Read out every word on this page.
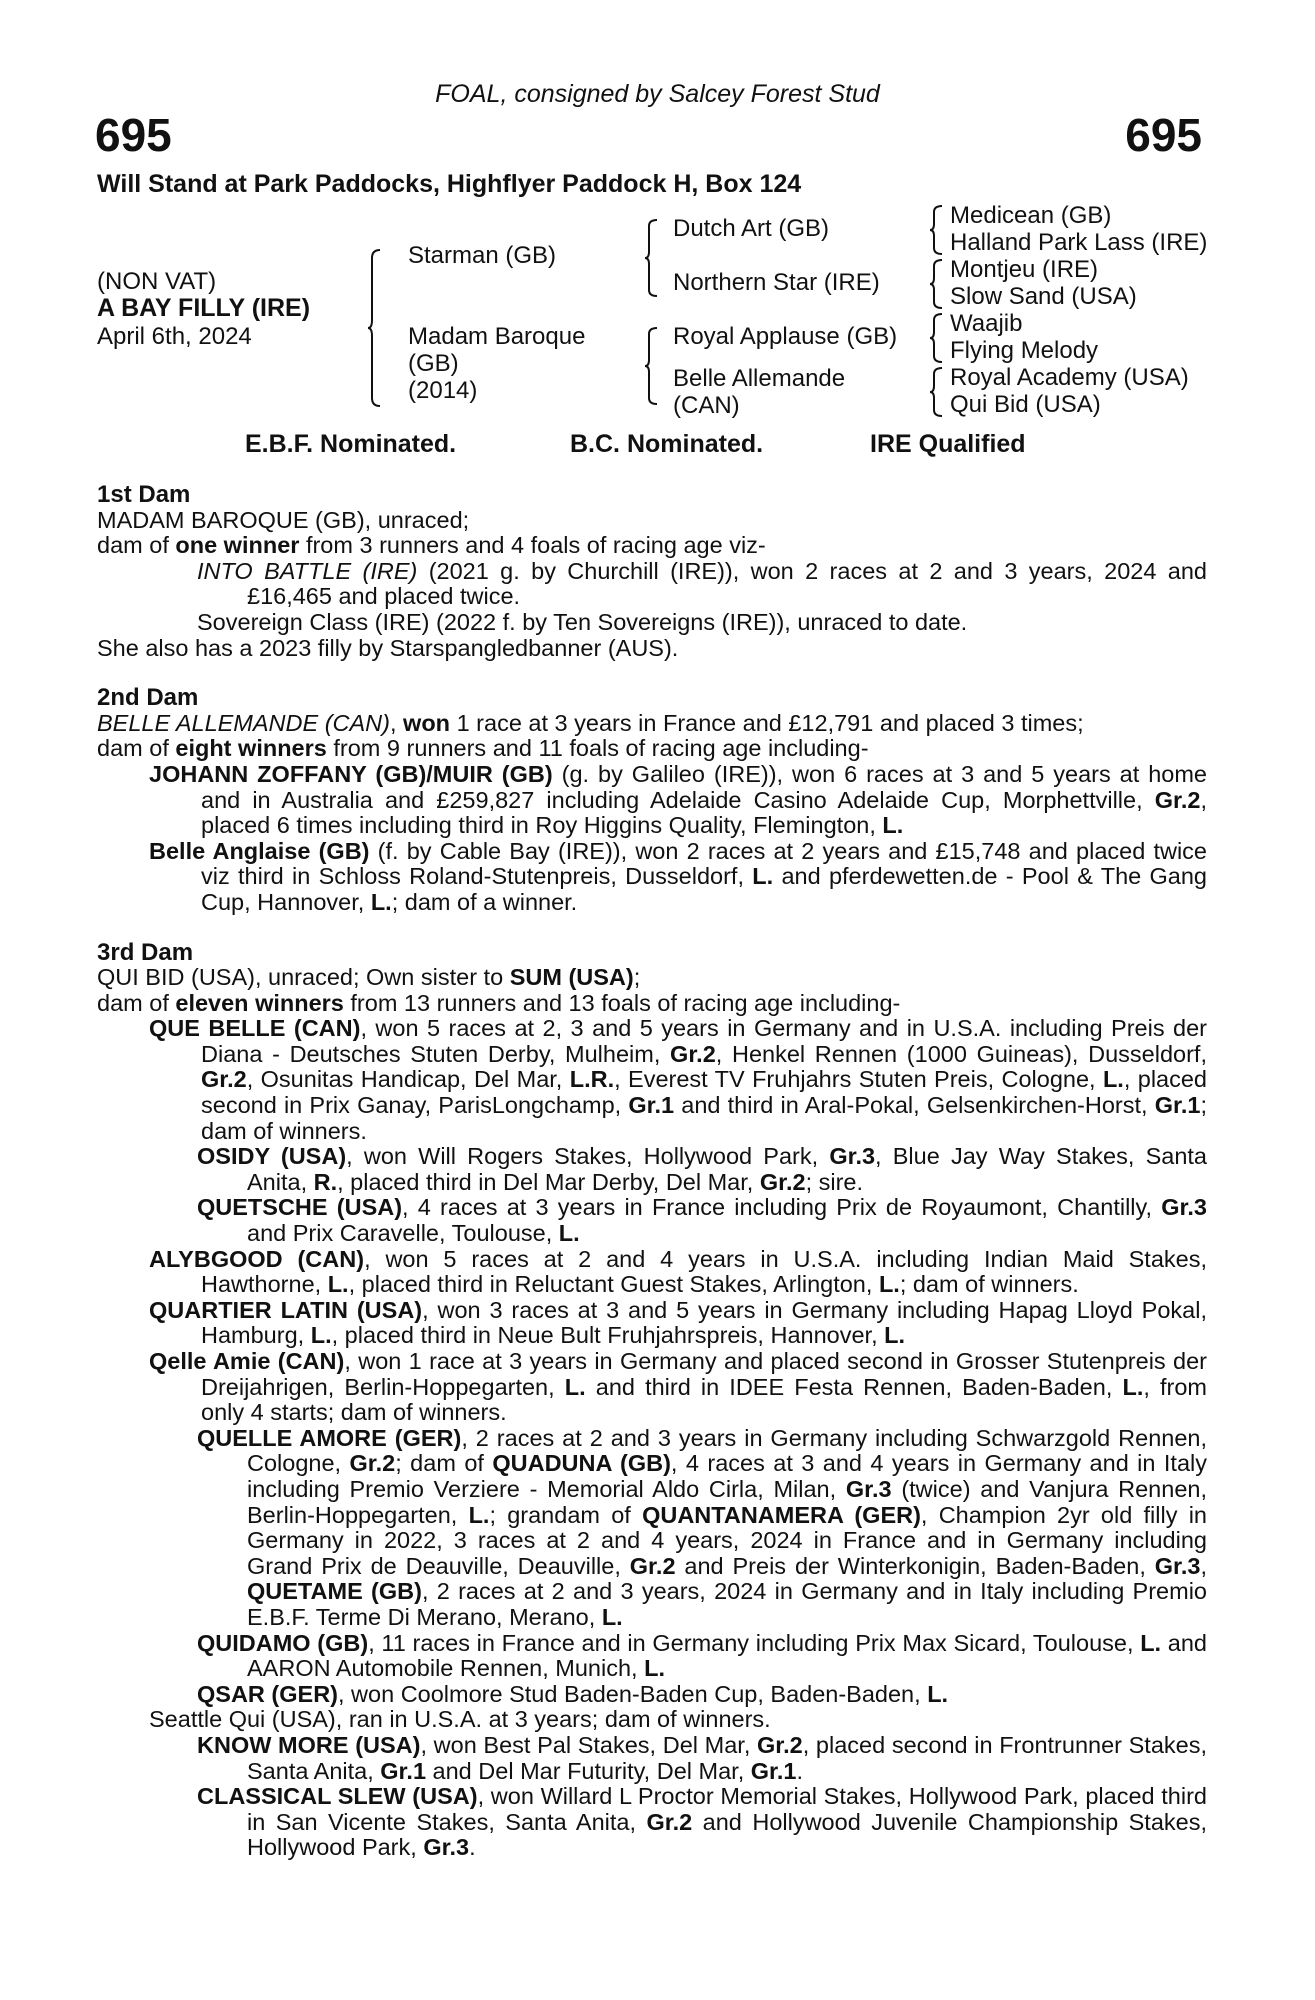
FOAL, consigned by Salcey Forest Stud
695	695
Will Stand at Park Paddocks, Highflyer Paddock H, Box 124
(NON VAT)
A BAY FILLY (IRE)
April 6th, 2024
Starman (GB)
Madam Baroque
(GB)
(2014)
Dutch Art (GB)
Northern Star (IRE)
Royal Applause (GB)
Belle Allemande
(CAN)
Medicean (GB)
Halland Park Lass (IRE)
Montjeu (IRE)
Slow Sand (USA)
Waajib
Flying Melody
Royal Academy (USA)
Qui Bid (USA)
E.B.F. Nominated.	B.C. Nominated.	IRE Qualified
1st Dam

MADAM BAROQUE (GB), unraced;

dam of one winner from 3 runners and 4 foals of racing age viz-

INTO BATTLE (IRE) (2021 g. by Churchill (IRE)), won 2 races at 2 and 3 years, 2024 and £16,465 and placed twice.

Sovereign Class (IRE) (2022 f. by Ten Sovereigns (IRE)), unraced to date.

She also has a 2023 filly by Starspangledbanner (AUS).

2nd Dam

BELLE ALLEMANDE (CAN), won 1 race at 3 years in France and £12,791 and placed 3 times;

dam of eight winners from 9 runners and 11 foals of racing age including-

JOHANN ZOFFANY (GB)/MUIR (GB) (g. by Galileo (IRE)), won 6 races at 3 and 5 years at home and in Australia and £259,827 including Adelaide Casino Adelaide Cup, Morphettville, Gr.2, placed 6 times including third in Roy Higgins Quality, Flemington, L.

Belle Anglaise (GB) (f. by Cable Bay (IRE)), won 2 races at 2 years and £15,748 and placed twice viz third in Schloss Roland-Stutenpreis, Dusseldorf, L. and pferdewetten.de - Pool & The Gang Cup, Hannover, L.; dam of a winner.

3rd Dam

QUI BID (USA), unraced; Own sister to SUM (USA);

dam of eleven winners from 13 runners and 13 foals of racing age including-

QUE BELLE (CAN), won 5 races at 2, 3 and 5 years in Germany and in U.S.A. including Preis der Diana - Deutsches Stuten Derby, Mulheim, Gr.2, Henkel Rennen (1000 Guineas), Dusseldorf, Gr.2, Osunitas Handicap, Del Mar, L.R., Everest TV Fruhjahrs Stuten Preis, Cologne, L., placed second in Prix Ganay, ParisLongchamp, Gr.1 and third in Aral-Pokal, Gelsenkirchen-Horst, Gr.1; dam of winners.

OSIDY (USA), won Will Rogers Stakes, Hollywood Park, Gr.3, Blue Jay Way Stakes, Santa Anita, R., placed third in Del Mar Derby, Del Mar, Gr.2; sire.

QUETSCHE (USA), 4 races at 3 years in France including Prix de Royaumont, Chantilly, Gr.3 and Prix Caravelle, Toulouse, L.

ALYBGOOD (CAN), won 5 races at 2 and 4 years in U.S.A. including Indian Maid Stakes, Hawthorne, L., placed third in Reluctant Guest Stakes, Arlington, L.; dam of winners.

QUARTIER LATIN (USA), won 3 races at 3 and 5 years in Germany including Hapag Lloyd Pokal, Hamburg, L., placed third in Neue Bult Fruhjahrspreis, Hannover, L.

Qelle Amie (CAN), won 1 race at 3 years in Germany and placed second in Grosser Stutenpreis der Dreijahrigen, Berlin-Hoppegarten, L. and third in IDEE Festa Rennen, Baden-Baden, L., from only 4 starts; dam of winners.

QUELLE AMORE (GER), 2 races at 2 and 3 years in Germany including Schwarzgold Rennen, Cologne, Gr.2; dam of QUADUNA (GB), 4 races at 3 and 4 years in Germany and in Italy including Premio Verziere - Memorial Aldo Cirla, Milan, Gr.3 (twice) and Vanjura Rennen, Berlin-Hoppegarten, L.; grandam of QUANTANAMERA (GER), Champion 2yr old filly in Germany in 2022, 3 races at 2 and 4 years, 2024 in France and in Germany including Grand Prix de Deauville, Deauville, Gr.2 and Preis der Winterkonigin, Baden-Baden, Gr.3, QUETAME (GB), 2 races at 2 and 3 years, 2024 in Germany and in Italy including Premio E.B.F. Terme Di Merano, Merano, L.

QUIDAMO (GB), 11 races in France and in Germany including Prix Max Sicard, Toulouse, L. and AARON Automobile Rennen, Munich, L.

QSAR (GER), won Coolmore Stud Baden-Baden Cup, Baden-Baden, L.

Seattle Qui (USA), ran in U.S.A. at 3 years; dam of winners.

KNOW MORE (USA), won Best Pal Stakes, Del Mar, Gr.2, placed second in Frontrunner Stakes, Santa Anita, Gr.1 and Del Mar Futurity, Del Mar, Gr.1.

CLASSICAL SLEW (USA), won Willard L Proctor Memorial Stakes, Hollywood Park, placed third in San Vicente Stakes, Santa Anita, Gr.2 and Hollywood Juvenile Championship Stakes, Hollywood Park, Gr.3.
